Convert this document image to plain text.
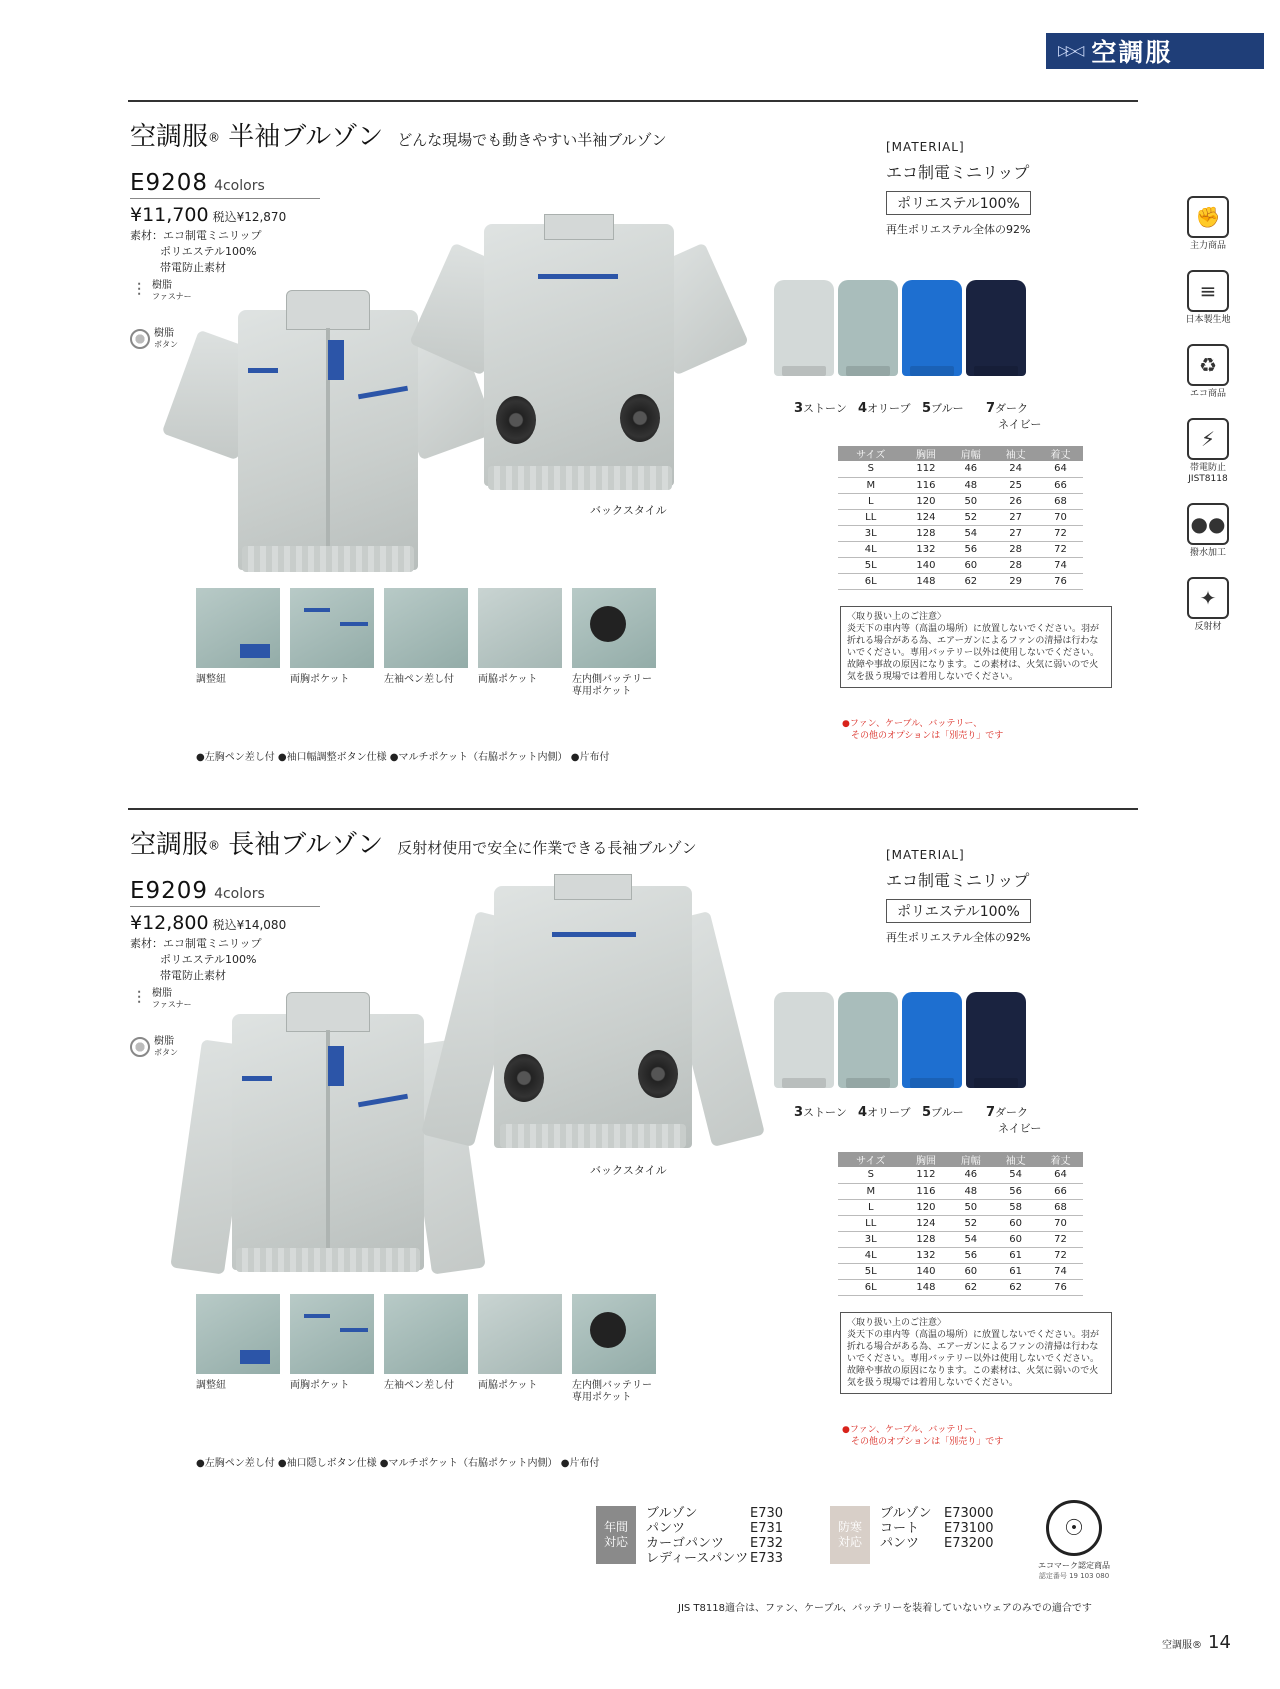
▷▷◁ 空調服
空調服® 半袖ブルゾン どんな現場でも動きやすい半袖ブルゾン
E9208 4colors
¥11,700 税込¥12,870
素材：エコ制電ミニリップ
ポリエステル100%
帯電防止素材
⫶	樹脂
ファスナー
樹脂
ボタン
バックスタイル
[MATERIAL]
エコ制電ミニリップ
ポリエステル100%
再生ポリエステル全体の92%
3ストーン 4オリーブ 5ブルー	7ダーク
ネイビー
サイズ	胸囲	肩幅	袖丈	着丈
S	112	46	24	64
M	116	48	25	66
L	120	50	26	68
LL	124	52	27	70
3L	128	54	27	72
4L	132	56	28	72
5L	140	60	28	74
6L	148	62	29	76
〈取り扱い上のご注意〉
炎天下の車内等（高温の場所）に放置しないでください。羽が折れる場合がある為、エアーガンによるファンの清掃は行わないでください。専用バッテリー以外は使用しないでください。故障や事故の原因になります。この素材は、火気に弱いので火気を扱う現場では着用しないでください。
●ファン、ケーブル、バッテリー、
　その他のオプションは「別売り」です
調整紐	両胸ポケット	左袖ペン差し付	両脇ポケット	左内側バッテリー
専用ポケット
●左胸ペン差し付 ●袖口幅調整ボタン仕様 ●マルチポケット（右脇ポケット内側） ●片布付
空調服® 長袖ブルゾン 反射材使用で安全に作業できる長袖ブルゾン
E9209 4colors
¥12,800 税込¥14,080
素材：エコ制電ミニリップ
ポリエステル100%
帯電防止素材
⫶	樹脂
ファスナー
樹脂
ボタン
バックスタイル
[MATERIAL]
エコ制電ミニリップ
ポリエステル100%
再生ポリエステル全体の92%
3ストーン 4オリーブ 5ブルー	7ダーク
ネイビー
サイズ	胸囲	肩幅	袖丈	着丈
S	112	46	54	64
M	116	48	56	66
L	120	50	58	68
LL	124	52	60	70
3L	128	54	60	72
4L	132	56	61	72
5L	140	60	61	74
6L	148	62	62	76
〈取り扱い上のご注意〉
炎天下の車内等（高温の場所）に放置しないでください。羽が折れる場合がある為、エアーガンによるファンの清掃は行わないでください。専用バッテリー以外は使用しないでください。故障や事故の原因になります。この素材は、火気に弱いので火気を扱う現場では着用しないでください。
●ファン、ケーブル、バッテリー、
　その他のオプションは「別売り」です
調整紐	両胸ポケット	左袖ペン差し付	両脇ポケット	左内側バッテリー
専用ポケット
●左胸ペン差し付 ●袖口隠しボタン仕様 ●マルチポケット（右脇ポケット内側） ●片布付
✊
主力商品
≡
日本製生地
♻
エコ商品
⚡
帯電防止
JIST8118
●●
撥水加工
✦
反射材
年間
対応
ブルゾン	E730
パンツ	E731
カーゴパンツ	E732
レディースパンツ E733
防寒
対応
ブルゾン E73000
コート	E73100
パンツ	E73200
☉
エコマーク認定商品
認定番号 19 103 080
JIS T8118適合は、ファン、ケーブル、バッテリーを装着していないウェアのみでの適合です
空調服® 14
